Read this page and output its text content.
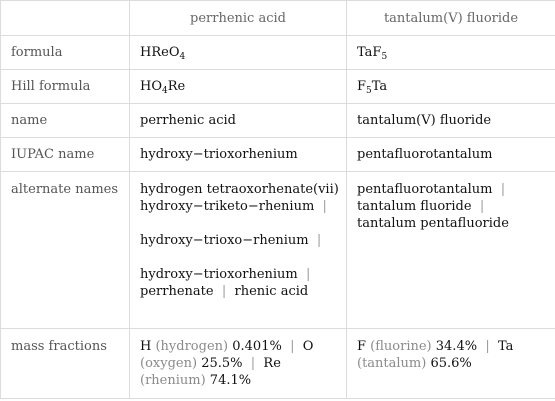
	perrhenic acid	tantalum(V) fluoride
formula	HReO$_4$	TaF$_5$
Hill formula	$HO_4Re$	$F_5Ta$
name	perrhenic acid	tantalum(V) fluoride
IUPAC name	hydroxy−trioxorhenium	pentafluorotantalum
alternate names	hydrogen tetraoxorhenate(vii)
hydroxy−triketo−rhenium |
hydroxy−trioxo−rhenium |
hydroxy−trioxorhenium |
perrhenate | rhenic acid	pentafluorotantalum |
tantalum fluoride |
tantalum pentafluoride

mass fractions	H (hydrogen) 0.401% | O
(oxygen) 25.5% | Re
(rhenium) 74.1%	F (fluorine) 34.4% | Ta
(tantalum) 65.6%
